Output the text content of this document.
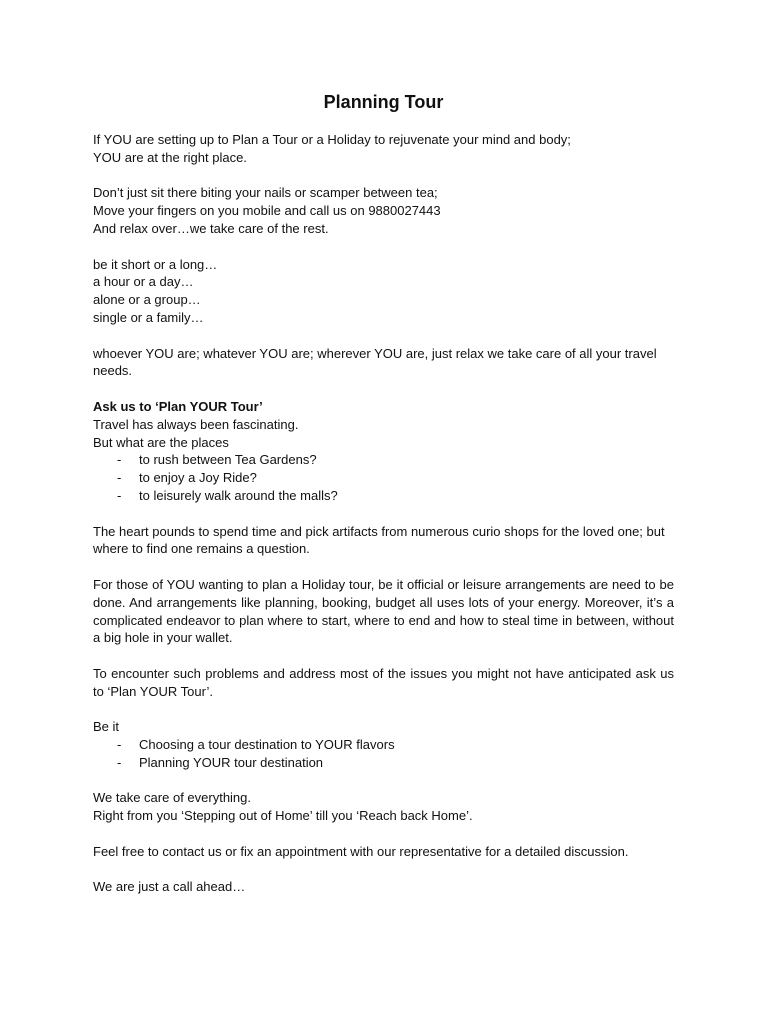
Planning Tour

If YOU are setting up to Plan a Tour or a Holiday to rejuvenate your mind and body;
YOU are at the right place.

Don’t just sit there biting your nails or scamper between tea;
Move your fingers on you mobile and call us on 9880027443
And relax over…we take care of the rest.

be it short or a long…
a hour or a day…
alone or a group…
single or a family…

whoever YOU are; whatever YOU are; wherever YOU are, just relax we take care of all your travel needs.

Ask us to ‘Plan YOUR Tour’
Travel has always been fascinating.
But what are the places

- to rush between Tea Gardens?
- to enjoy a Joy Ride?
- to leisurely walk around the malls?

The heart pounds to spend time and pick artifacts from numerous curio shops for the loved one; but where to find one remains a question.

For those of YOU wanting to plan a Holiday tour, be it official or leisure arrangements are need to be done. And arrangements like planning, booking, budget all uses lots of your energy. Moreover, it’s a complicated endeavor to plan where to start, where to end and how to steal time in between, without a big hole in your wallet.

To encounter such problems and address most of the issues you might not have anticipated ask us to ‘Plan YOUR Tour’.

Be it

- Choosing a tour destination to YOUR flavors
- Planning YOUR tour destination

We take care of everything.
Right from you ‘Stepping out of Home’ till you ‘Reach back Home’.

Feel free to contact us or fix an appointment with our representative for a detailed discussion.

We are just a call ahead…
